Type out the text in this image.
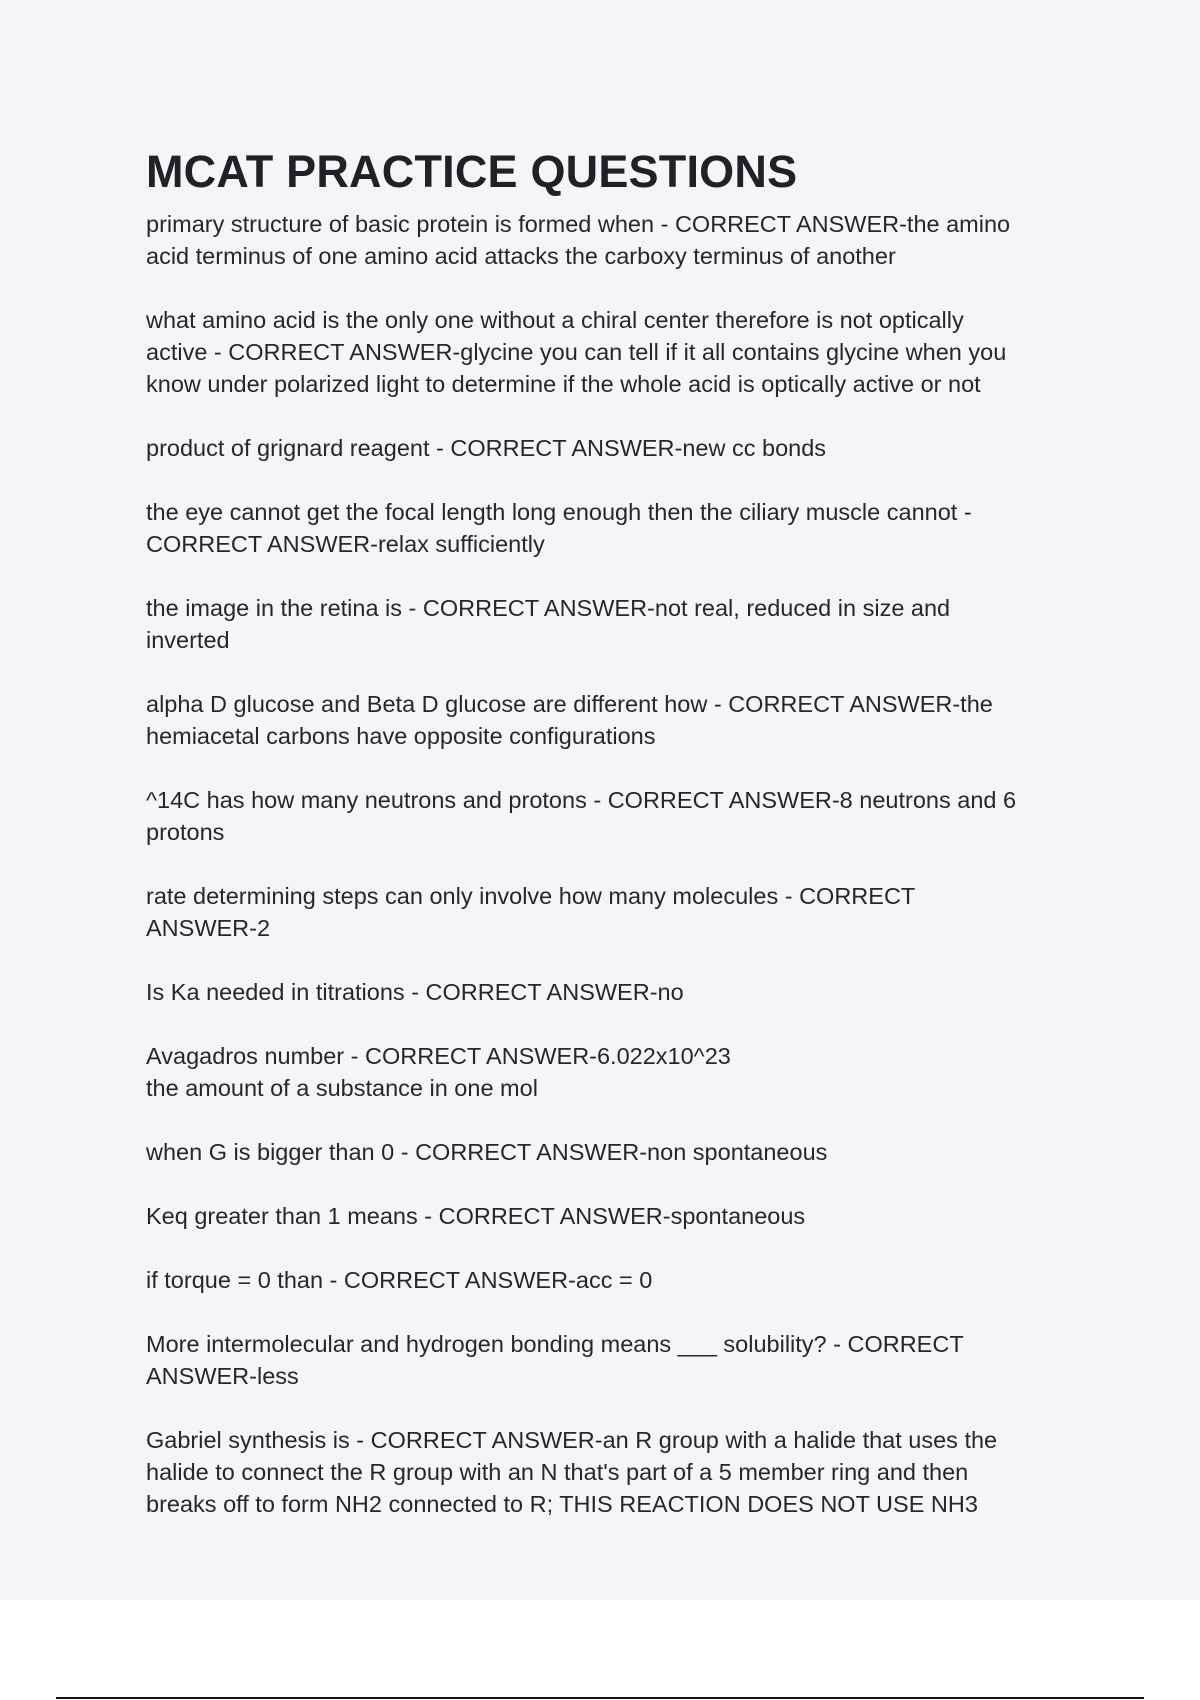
MCAT PRACTICE QUESTIONS

primary structure of basic protein is formed when - CORRECT ANSWER-the amino
acid terminus of one amino acid attacks the carboxy terminus of another

what amino acid is the only one without a chiral center therefore is not optically
active - CORRECT ANSWER-glycine you can tell if it all contains glycine when you
know under polarized light to determine if the whole acid is optically active or not

product of grignard reagent - CORRECT ANSWER-new cc bonds

the eye cannot get the focal length long enough then the ciliary muscle cannot -
CORRECT ANSWER-relax sufficiently

the image in the retina is - CORRECT ANSWER-not real, reduced in size and
inverted

alpha D glucose and Beta D glucose are different how - CORRECT ANSWER-the
hemiacetal carbons have opposite configurations

^14C has how many neutrons and protons - CORRECT ANSWER-8 neutrons and 6
protons

rate determining steps can only involve how many molecules - CORRECT
ANSWER-2

Is Ka needed in titrations - CORRECT ANSWER-no

Avagadros number - CORRECT ANSWER-6.022x10^23
the amount of a substance in one mol

when G is bigger than 0 - CORRECT ANSWER-non spontaneous

Keq greater than 1 means - CORRECT ANSWER-spontaneous

if torque = 0 than - CORRECT ANSWER-acc = 0

More intermolecular and hydrogen bonding means ___ solubility? - CORRECT
ANSWER-less

Gabriel synthesis is - CORRECT ANSWER-an R group with a halide that uses the
halide to connect the R group with an N that's part of a 5 member ring and then
breaks off to form NH2 connected to R; THIS REACTION DOES NOT USE NH3
